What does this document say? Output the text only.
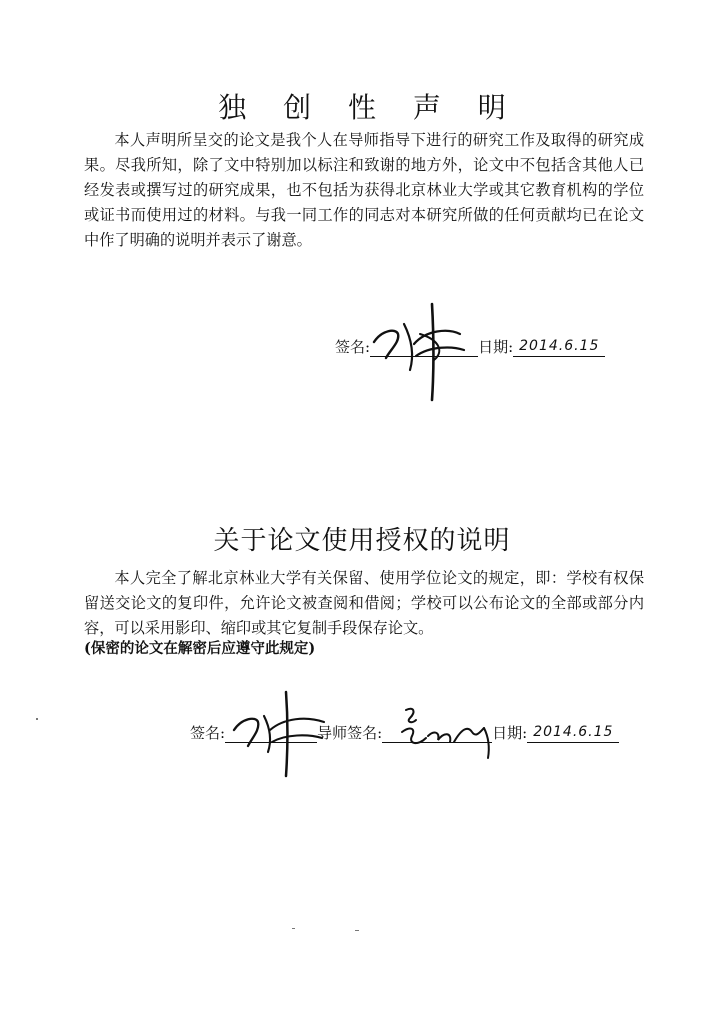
独 创 性 声 明
本人声明所呈交的论文是我个人在导师指导下进行的研究工作及取得的研究成果。尽我所知，除了文中特别加以标注和致谢的地方外，论文中不包括含其他人已经发表或撰写过的研究成果，也不包括为获得北京林业大学或其它教育机构的学位或证书而使用过的材料。与我一同工作的同志对本研究所做的任何贡献均已在论文中作了明确的说明并表示了谢意。
签名:	日期: 2014.6.15
关于论文使用授权的说明
本人完全了解北京林业大学有关保留、使用学位论文的规定，即：学校有权保留送交论文的复印件，允许论文被查阅和借阅；学校可以公布论文的全部或部分内容，可以采用影印、缩印或其它复制手段保存论文。
(保密的论文在解密后应遵守此规定)
签名:	导师签名:	日期: 2014.6.15
